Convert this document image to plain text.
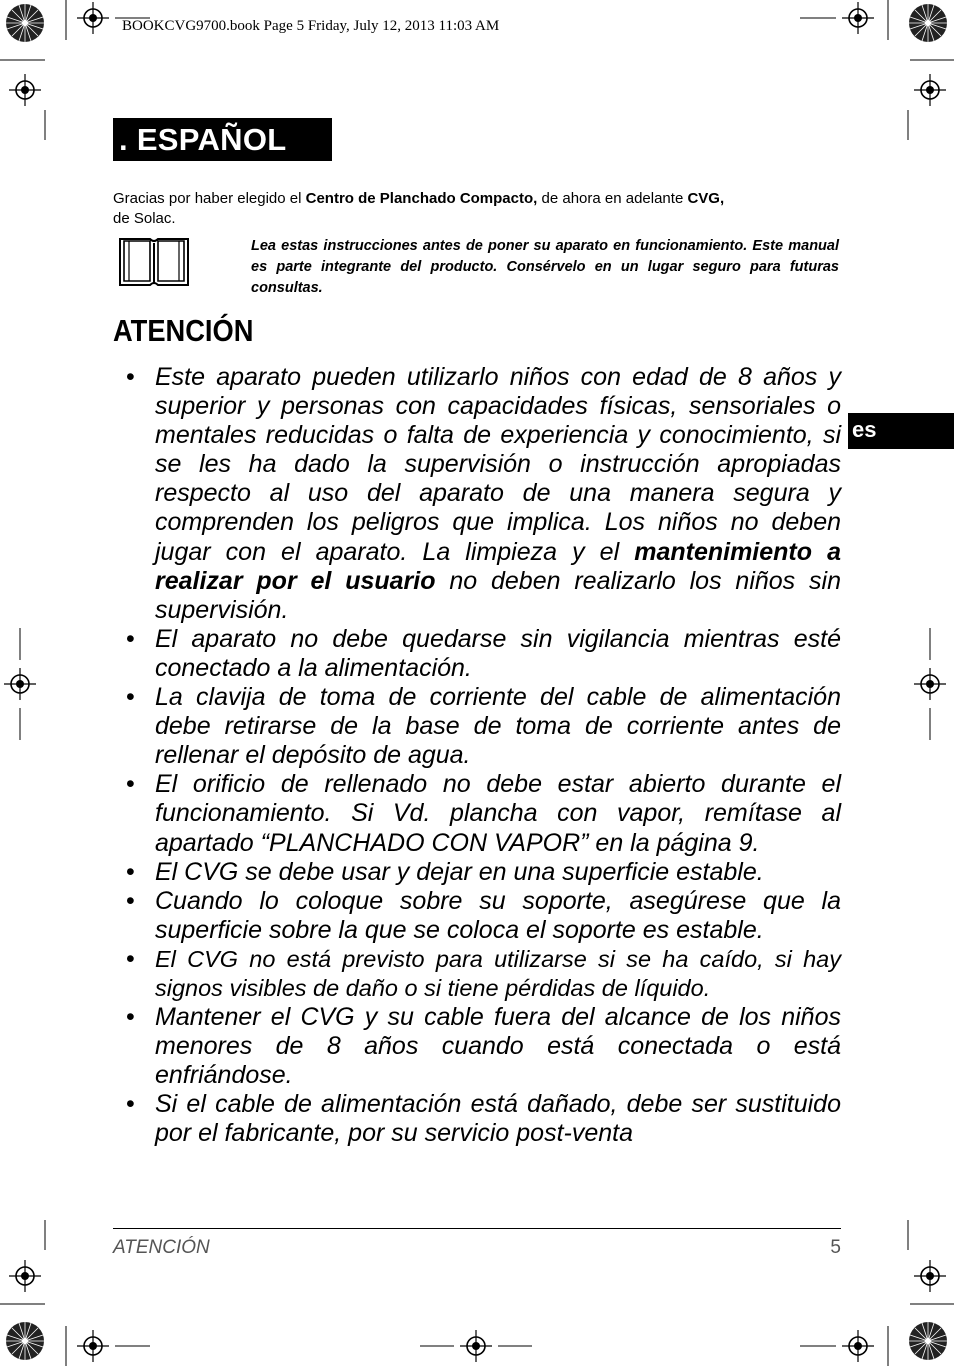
BOOKCVG9700.book Page 5 Friday, July 12, 2013 11:03 AM
. ESPAÑOL
Gracias por haber elegido el Centro de Planchado Compacto, de ahora en adelante CVG,
de Solac.
Lea estas instrucciones antes de poner su aparato en funcionamiento. Este manual es parte integrante del producto. Consérvelo en un lugar seguro para futuras consultas.
ATENCIÓN
es
• Este aparato pueden utilizarlo niños con edad de 8 años y superior y personas con capacidades físicas, sensoriales o mentales reducidas o falta de experiencia y conocimiento, si se les ha dado la supervisión o instrucción apropiadas respecto al uso del aparato de una manera segura y comprenden los peligros que implica. Los niños no deben jugar con el aparato. La limpieza y el mantenimiento a realizar por el usuario no deben realizarlo los niños sin supervisión.
• El aparato no debe quedarse sin vigilancia mientras esté conectado a la alimentación.
• La clavija de toma de corriente del cable de alimentación debe retirarse de la base de toma de corriente antes de rellenar el depósito de agua.
• El orificio de rellenado no debe estar abierto durante el funcionamiento. Si Vd. plancha con vapor, remítase al apartado “PLANCHADO CON VAPOR” en la página 9.
• El CVG se debe usar y dejar en una superficie estable.
• Cuando lo coloque sobre su soporte, asegúrese que la superficie sobre la que se coloca el soporte es estable.
• El CVG no está previsto para utilizarse si se ha caído, si hay signos visibles de daño o si tiene pérdidas de líquido.
• Mantener el CVG y su cable fuera del alcance de los niños menores de 8 años cuando está conectada o está enfriándose.
• Si el cable de alimentación está dañado, debe ser sustituido por el fabricante, por su servicio post-venta
ATENCIÓN	5
